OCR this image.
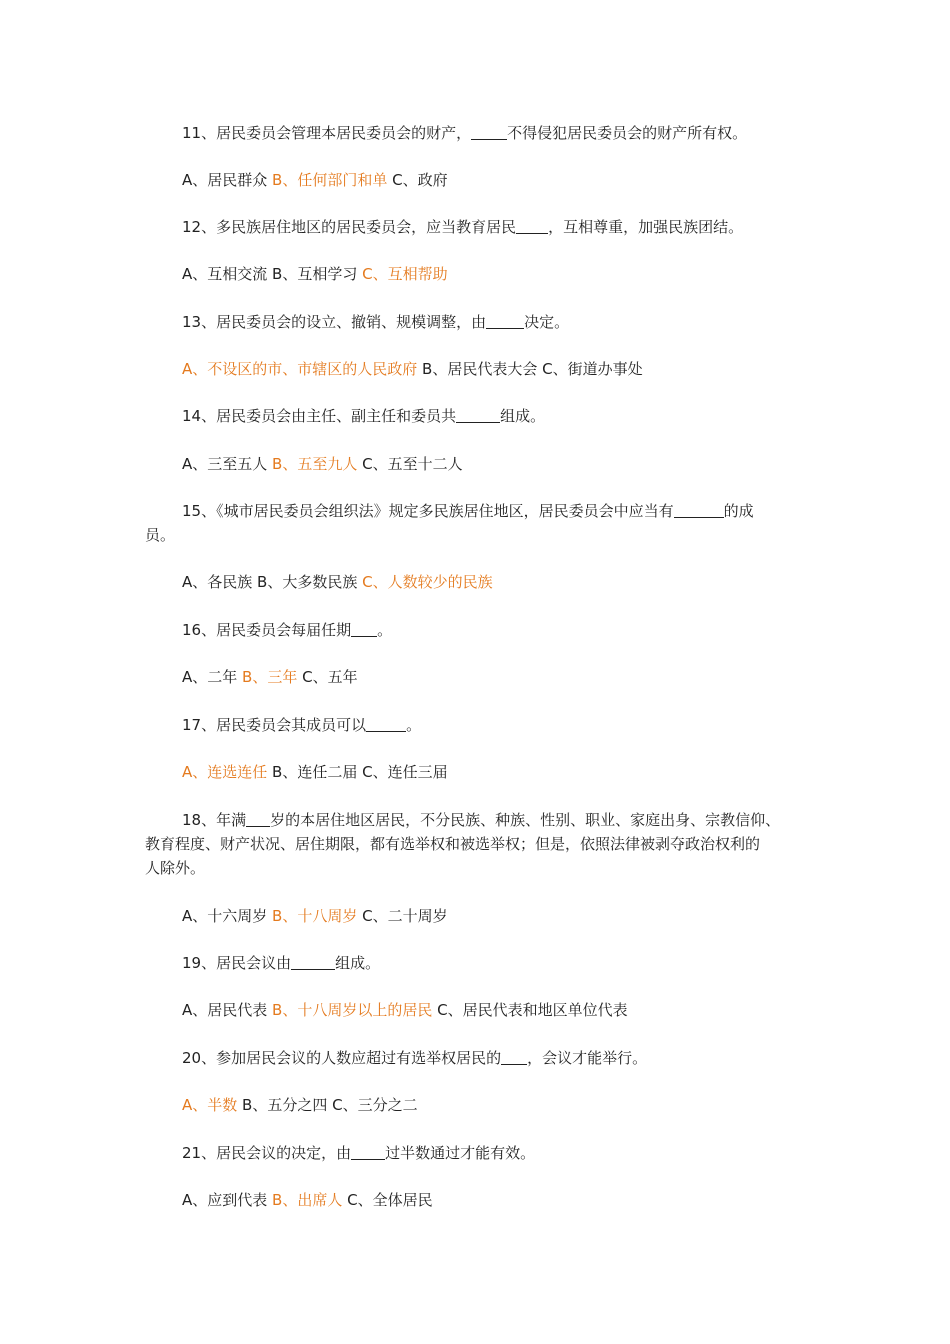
11、居民委员会管理本居民委员会的财产， 不得侵犯居民委员会的财产所有权。

A、居民群众 B、任何部门和单 C、政府

12、多民族居住地区的居民委员会，应当教育居民 ，互相尊重，加强民族团结。

A、互相交流 B、互相学习 C、互相帮助

13、居民委员会的设立、撤销、规模调整，由	决定。

A、不设区的市、市辖区的人民政府 B、居民代表大会 C、街道办事处

14、居民委员会由主任、副主任和委员共	组成。

A、三至五人 B、五至九人 C、五至十二人

15、《城市居民委员会组织法》规定多民族居住地区，居民委员会中应当有	的成

员。

A、各民族 B、大多数民族 C、人数较少的民族

16、居民委员会每届任期 。

A、二年 B、三年 C、五年

17、居民委员会其成员可以	。

A、连选连任 B、连任二届 C、连任三届

18、年满 岁的本居住地区居民，不分民族、种族、性别、职业、家庭出身、宗教信仰、

教育程度、财产状况、居住期限，都有选举权和被选举权；但是，依照法律被剥夺政治权利的

人除外。

A、十六周岁 B、十八周岁 C、二十周岁

19、居民会议由	组成。

A、居民代表 B、十八周岁以上的居民 C、居民代表和地区单位代表

20、参加居民会议的人数应超过有选举权居民的 ，会议才能举行。

A、半数 B、五分之四 C、三分之二

21、居民会议的决定，由 过半数通过才能有效。

A、应到代表 B、出席人 C、全体居民
